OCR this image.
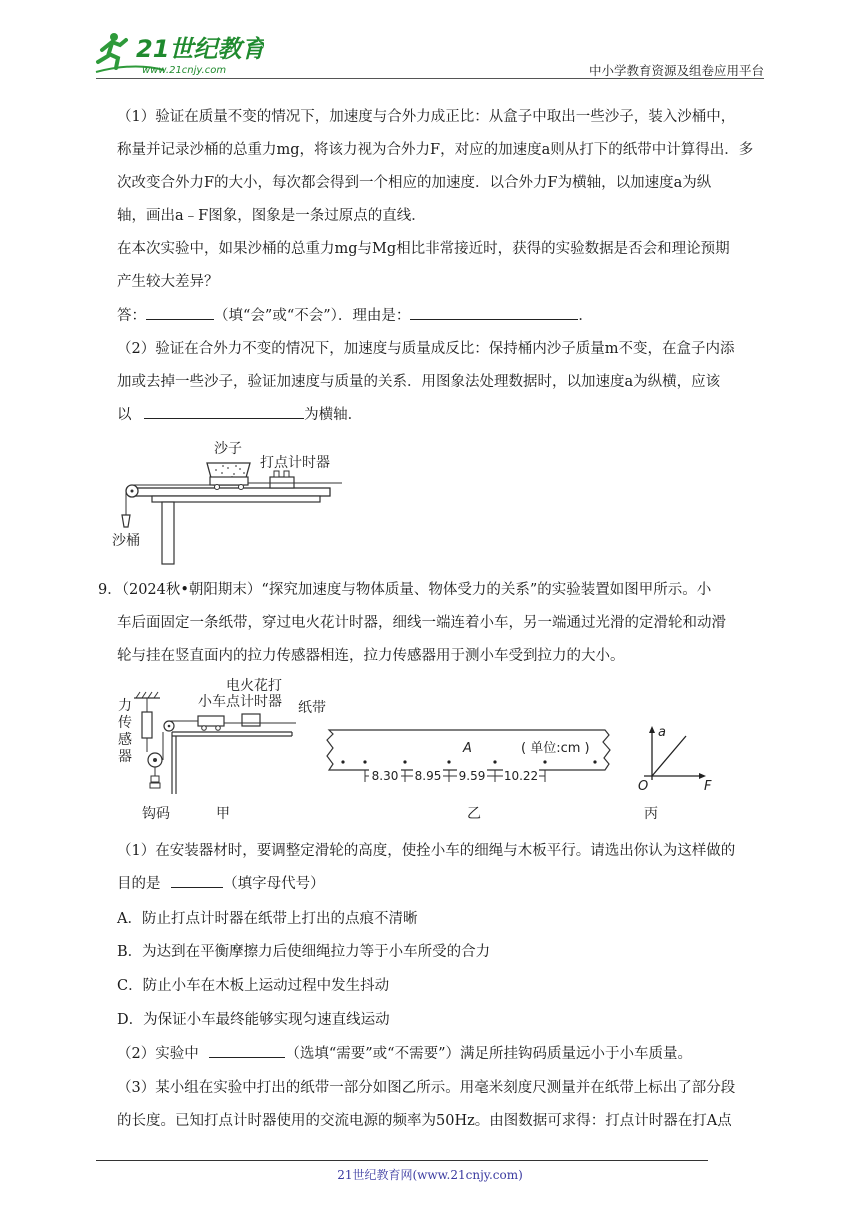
21世纪教育
www.21cnjy.com	中小学教育资源及组卷应用平台
（1）验证在质量不变的情况下，加速度与合外力成正比：从盒子中取出一些沙子，装入沙桶中，
称量并记录沙桶的总重力mg，将该力视为合外力F，对应的加速度a则从打下的纸带中计算得出．多
次改变合外力F的大小，每次都会得到一个相应的加速度．以合外力F为横轴，以加速度a为纵
轴，画出a﹣F图象，图象是一条过原点的直线．
在本次实验中，如果沙桶的总重力mg与Mg相比非常接近时，获得的实验数据是否会和理论预期
产生较大差异？
答：	（填“会”或“不会”）．理由是：	．
（2）验证在合外力不变的情况下，加速度与质量成反比：保持桶内沙子质量m不变，在盒子内添
加或去掉一些沙子，验证加速度与质量的关系．用图象法处理数据时，以加速度a为纵横，应该
以	为横轴．
沙子
打点计时器
沙桶
9．（2024秋•朝阳期末）“探究加速度与物体质量、物体受力的关系”的实验装置如图甲所示。小
车后面固定一条纸带，穿过电火花计时器，细线一端连着小车，另一端通过光滑的定滑轮和动滑
轮与挂在竖直面内的拉力传感器相连，拉力传感器用于测小车受到拉力的大小。
电火花打
点计时器
小车	纸带
力
传
感
器
钩码	甲
8.30 8.95 9.59 10.22
A	( 单位:cm )
乙
a
F
O
丙
（1）在安装器材时，要调整定滑轮的高度，使拴小车的细绳与木板平行。请选出你认为这样做的
目的是	（填字母代号）
A．防止打点计时器在纸带上打出的点痕不清晰
B．为达到在平衡摩擦力后使细绳拉力等于小车所受的合力
C．防止小车在木板上运动过程中发生抖动
D．为保证小车最终能够实现匀速直线运动
（2）实验中	（选填“需要”或“不需要”）满足所挂钩码质量远小于小车质量。
（3）某小组在实验中打出的纸带一部分如图乙所示。用毫米刻度尺测量并在纸带上标出了部分段
的长度。已知打点计时器使用的交流电源的频率为50Hz。由图数据可求得：打点计时器在打A点
21世纪教育网(www.21cnjy.com)
